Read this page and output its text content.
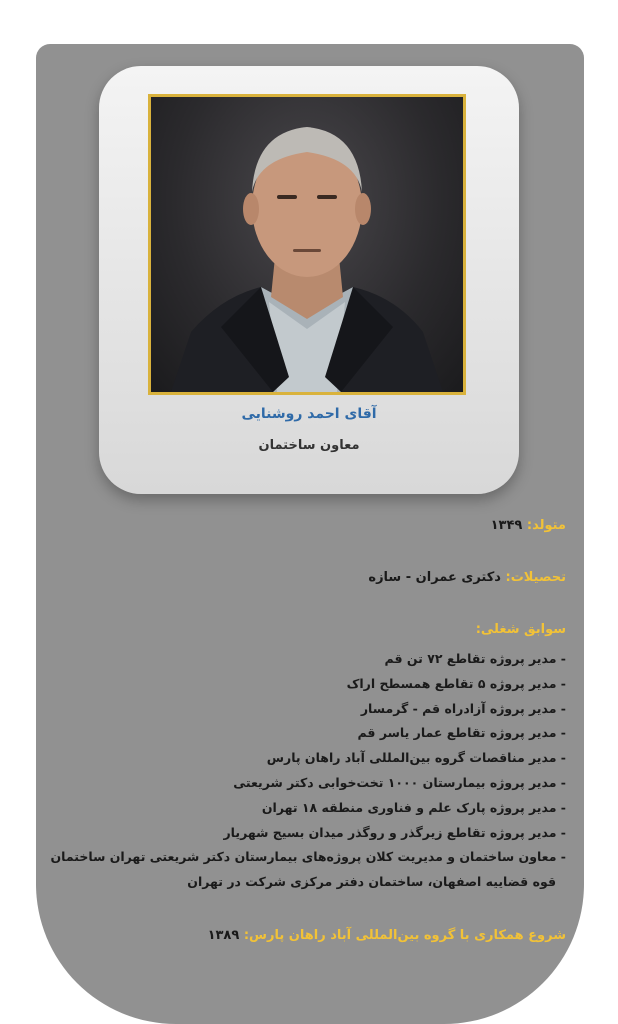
آقای احمد روشنایی
معاون ساختمان
متولد: ۱۳۴۹
تحصیلات: دکتری عمران - سازه
سوابق شغلی:
- مدیر پروژه تقاطع ۷۲ تن قم
- مدیر پروژه ۵ تقاطع همسطح اراک
- مدیر پروژه آزادراه قم - گرمسار
- مدیر پروژه تقاطع عمار یاسر قم
- مدیر مناقصات گروه بین‌المللی آباد راهان پارس
- مدیر پروژه بیمارستان ۱۰۰۰ تخت‌خوابی دکتر شریعتی
- مدیر پروژه پارک علم و فناوری منطقه ۱۸ تهران
- مدیر پروژه تقاطع زیرگذر و روگذر میدان بسیج شهریار
- معاون ساختمان و مدیریت کلان پروژه‌های بیمارستان دکتر شریعتی تهران ساختمان قوه قضاییه اصفهان، ساختمان دفتر مرکزی شرکت در تهران
شروع همکاری با گروه بین‌المللی آباد راهان پارس: ۱۳۸۹
